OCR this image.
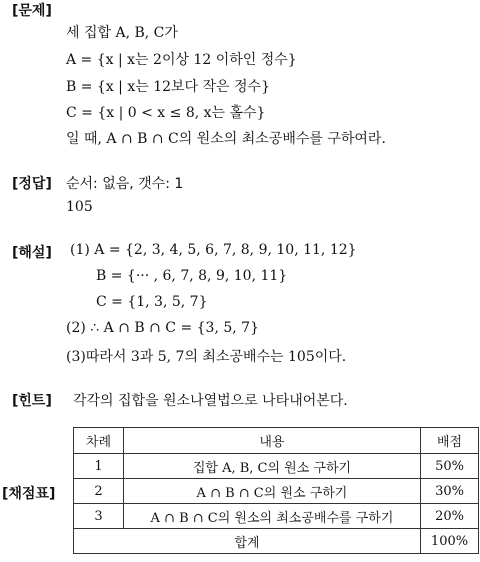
[문제]
세 집합 A, B, C가
A = {x | x는 2이상 12 이하인 정수}
B = {x | x는 12보다 작은 정수}
C = {x | 0 < x ≤ 8, x는 홀수}
일 때, A ∩ B ∩ C의 원소의 최소공배수를 구하여라.
[정답] 순서: 없음, 갯수: 1
105
[해설] (1) A = {2, 3, 4, 5, 6, 7, 8, 9, 10, 11, 12}
B = {··· , 6, 7, 8, 9, 10, 11}
C = {1, 3, 5, 7}
(2) ∴ A ∩ B ∩ C = {3, 5, 7}
(3)따라서 3과 5, 7의 최소공배수는 105이다.
[힌트] 각각의 집합을 원소나열법으로 나타내어본다.
[채점표]
차례	내용	배점
1	집합 A, B, C의 원소 구하기	50%
2	A ∩ B ∩ C의 원소 구하기	30%
3	A ∩ B ∩ C의 원소의 최소공배수를 구하기	20%
합계		100%
